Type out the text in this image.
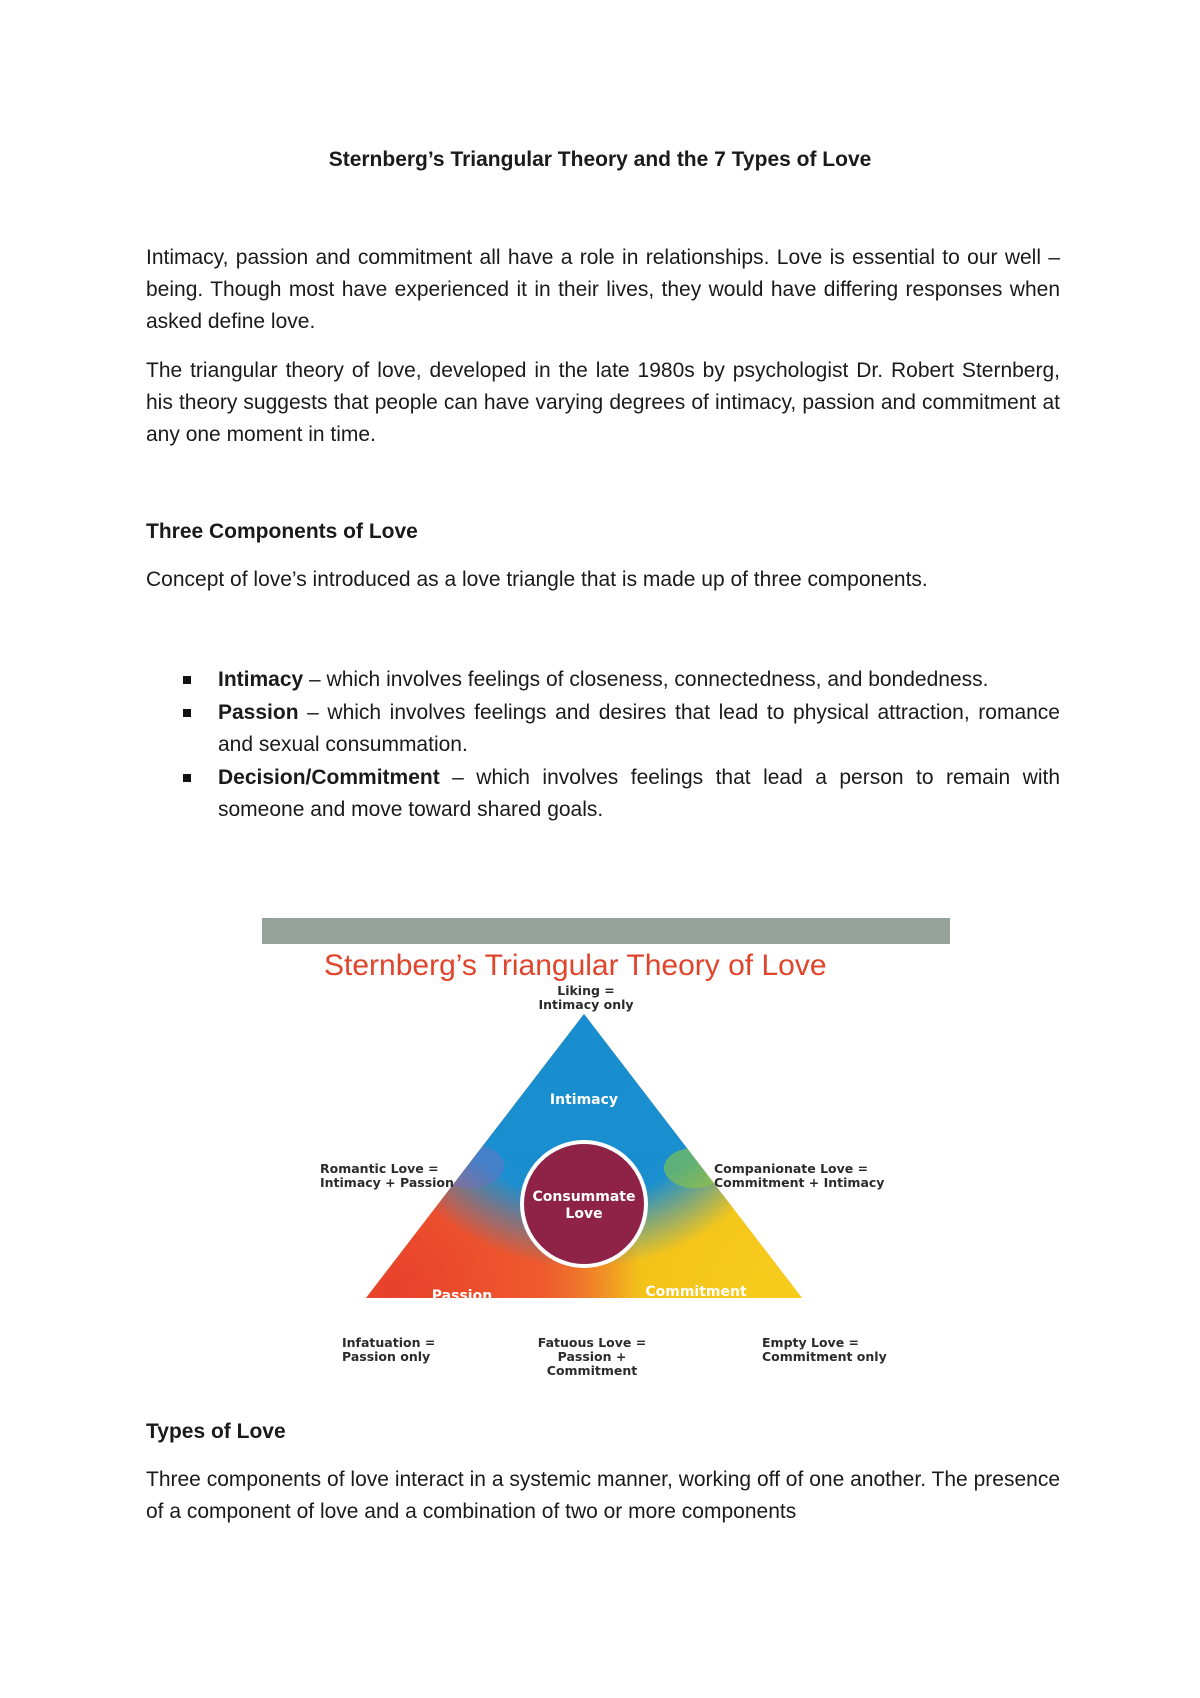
Sternberg’s Triangular Theory and the 7 Types of Love

Intimacy, passion and commitment all have a role in relationships. Love is essential to our well – being. Though most have experienced it in their lives, they would have differing responses when asked define love.

The triangular theory of love, developed in the late 1980s by psychologist Dr. Robert Sternberg, his theory suggests that people can have varying degrees of intimacy, passion and commitment at any one moment in time.

Three Components of Love

Concept of love’s introduced as a love triangle that is made up of three components.

Intimacy – which involves feelings of closeness, connectedness, and bondedness.
Passion – which involves feelings and desires that lead to physical attraction, romance and sexual consummation.
Decision/Commitment – which involves feelings that lead a person to remain with someone and move toward shared goals.
Sternberg’s Triangular Theory of Love
Intimacy
Consummate
Love
Passion	Commitment
Liking =
Intimacy only
Romantic Love =
Intimacy + Passion
Companionate Love =
Commitment + Intimacy
Infatuation =
Passion only
Fatuous Love =
Passion + Commitment
Empty Love =
Commitment only
Types of Love

Three components of love interact in a systemic manner, working off of one another. The presence of a component of love and a combination of two or more components
